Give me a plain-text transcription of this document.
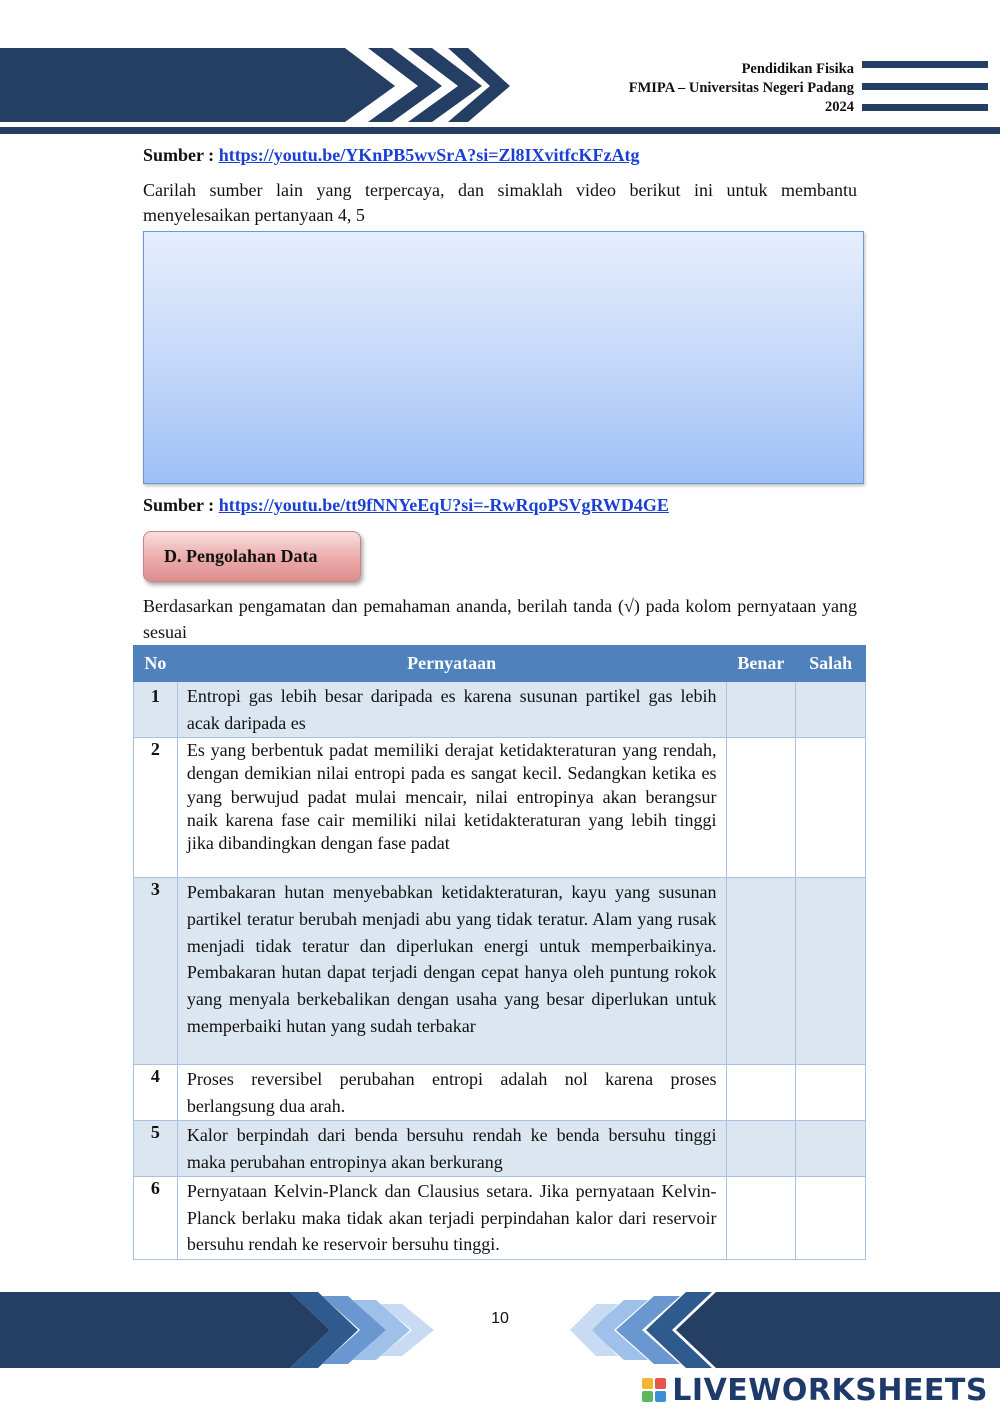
Pendidikan Fisika
FMIPA – Universitas Negeri Padang
2024
Sumber : https://youtu.be/YKnPB5wvSrA?si=Zl8IXvitfcKFzAtg
Carilah sumber lain yang terpercaya, dan simaklah video berikut ini untuk membantu menyelesaikan pertanyaan 4, 5
Sumber : https://youtu.be/tt9fNNYeEqU?si=-RwRqoPSVgRWD4GE
D. Pengolahan Data
Berdasarkan pengamatan dan pemahaman ananda, berilah tanda (√) pada kolom pernyataan yang sesuai
No	Pernyataan	Benar	Salah
1	Entropi gas lebih besar daripada es karena susunan partikel gas lebih acak daripada es		
2	Es yang berbentuk padat memiliki derajat ketidakteraturan yang rendah, dengan demikian nilai entropi pada es sangat kecil. Sedangkan ketika es yang berwujud padat mulai mencair, nilai entropinya akan berangsur naik karena fase cair memiliki nilai ketidakteraturan yang lebih tinggi jika dibandingkan dengan fase padat		
3	Pembakaran hutan menyebabkan ketidakteraturan, kayu yang susunan partikel teratur berubah menjadi abu yang tidak teratur. Alam yang rusak menjadi tidak teratur dan diperlukan energi untuk memperbaikinya. Pembakaran hutan dapat terjadi dengan cepat hanya oleh puntung rokok yang menyala berkebalikan dengan usaha yang besar diperlukan untuk memperbaiki hutan yang sudah terbakar		
4	Proses reversibel perubahan entropi adalah nol karena proses berlangsung dua arah.		
5	Kalor berpindah dari benda bersuhu rendah ke benda bersuhu tinggi maka perubahan entropinya akan berkurang		
6	Pernyataan Kelvin-Planck dan Clausius setara. Jika pernyataan Kelvin-Planck berlaku maka tidak akan terjadi perpindahan kalor dari reservoir bersuhu rendah ke reservoir bersuhu tinggi.		
10
LIVEWORKSHEETS
